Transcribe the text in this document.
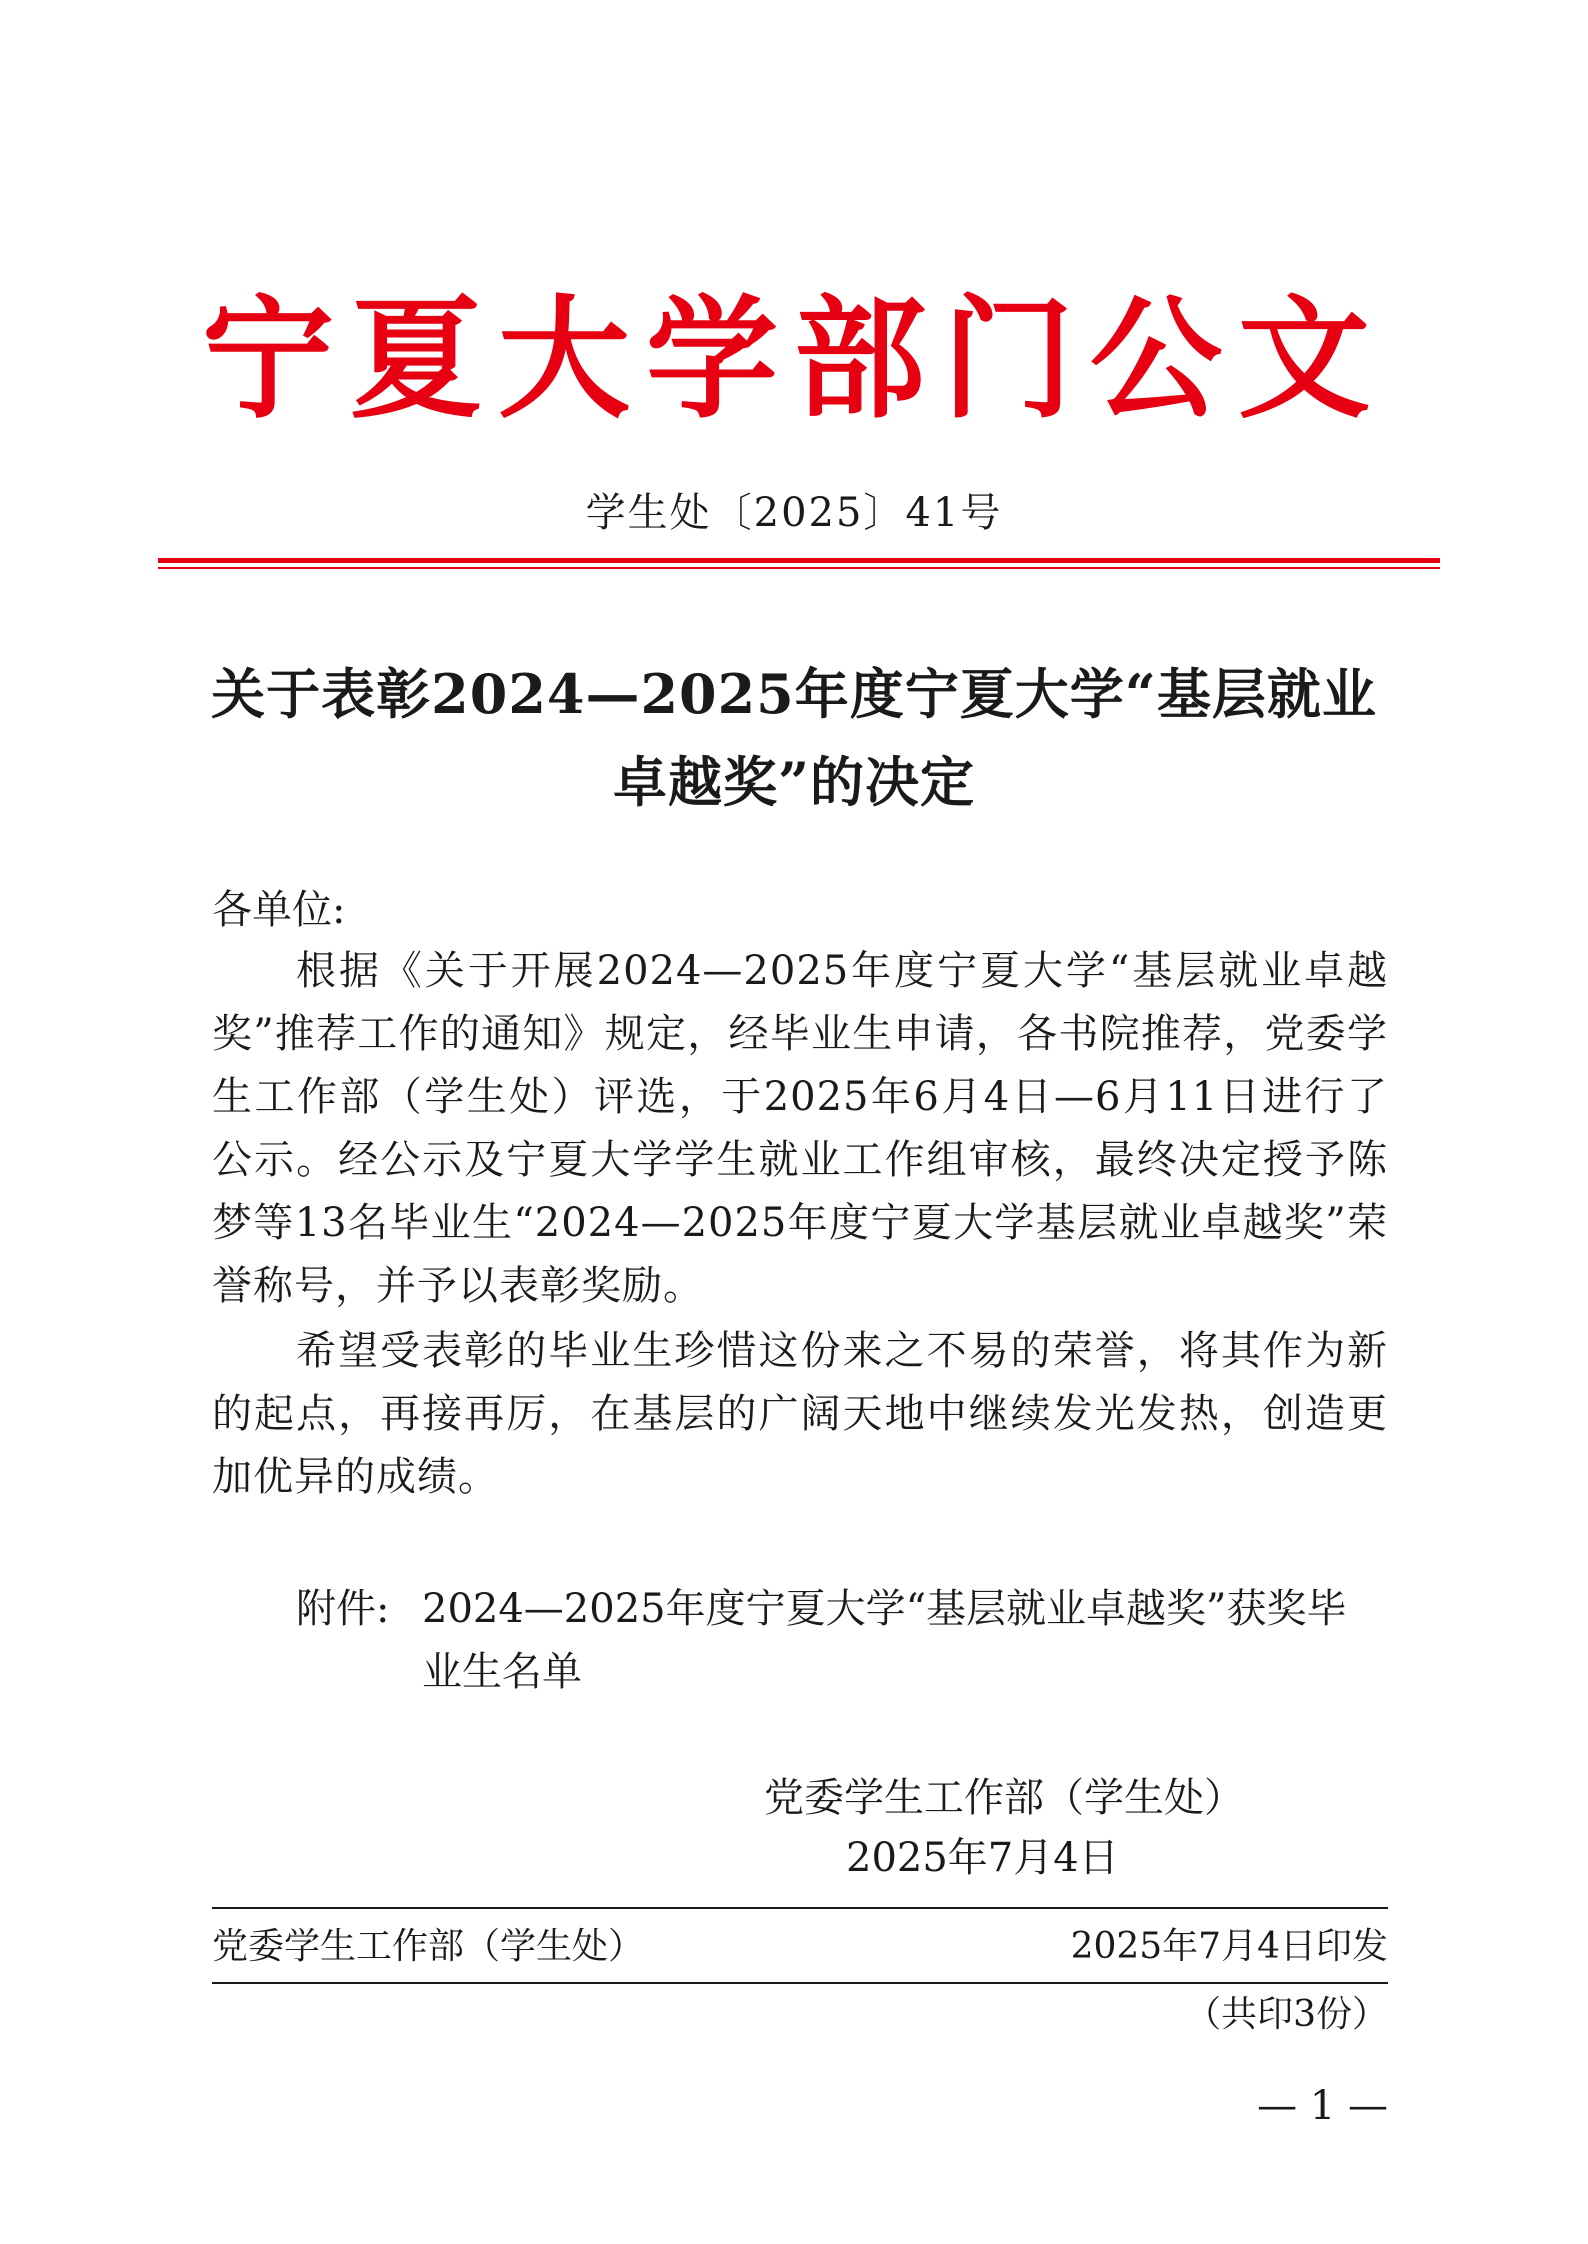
宁夏大学部门公文
学生处〔2025〕41号
关于表彰2024—2025年度宁夏大学“基层就业
卓越奖”的决定
各单位:
根据《关于开展2024—2025年度宁夏大学“基层就业卓越奖”推荐工作的通知》规定，经毕业生申请，各书院推荐，党委学生工作部（学生处）评选，于2025年6月4日—6月11日进行了公示。经公示及宁夏大学学生就业工作组审核，最终决定授予陈梦等13名毕业生“2024—2025年度宁夏大学基层就业卓越奖”荣誉称号，并予以表彰奖励。
希望受表彰的毕业生珍惜这份来之不易的荣誉，将其作为新的起点，再接再厉，在基层的广阔天地中继续发光发热，创造更加优异的成绩。
附件: 2024—2025年度宁夏大学“基层就业卓越奖”获奖毕业生名单
党委学生工作部（学生处）
2025年7月4日
党委学生工作部（学生处）	2025年7月4日印发
（共印3份）
— 1 —
